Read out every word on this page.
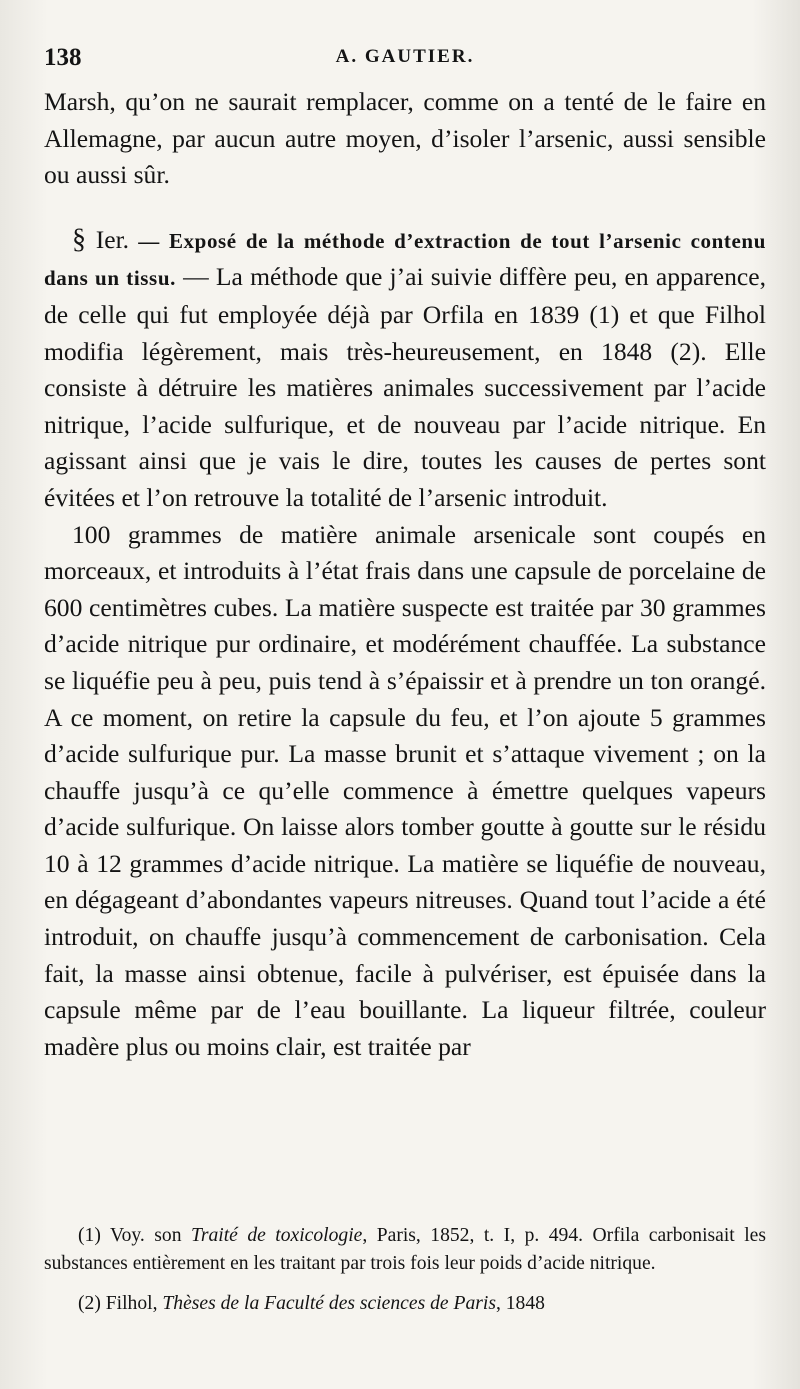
138	A. GAUTIER.

Marsh, qu’on ne saurait remplacer, comme on a tenté de le faire en Allemagne, par aucun autre moyen, d’isoler l’arsenic, aussi sensible ou aussi sûr.

§ Ier. — Exposé de la méthode d’extraction de tout l’arsenic contenu dans un tissu. — La méthode que j’ai suivie diffère peu, en apparence, de celle qui fut employée déjà par Orfila en 1839 (1) et que Filhol modifia légèrement, mais très-heureusement, en 1848 (2). Elle consiste à détruire les matières animales successivement par l’acide nitrique, l’acide sulfurique, et de nouveau par l’acide nitrique. En agissant ainsi que je vais le dire, toutes les causes de pertes sont évitées et l’on retrouve la totalité de l’arsenic introduit.

100 grammes de matière animale arsenicale sont coupés en morceaux, et introduits à l’état frais dans une capsule de porcelaine de 600 centimètres cubes. La matière suspecte est traitée par 30 grammes d’acide nitrique pur ordinaire, et modérément chauffée. La substance se liquéfie peu à peu, puis tend à s’épaissir et à prendre un ton orangé. A ce moment, on retire la capsule du feu, et l’on ajoute 5 grammes d’acide sulfurique pur. La masse brunit et s’attaque vivement ; on la chauffe jusqu’à ce qu’elle commence à émettre quelques vapeurs d’acide sulfurique. On laisse alors tomber goutte à goutte sur le résidu 10 à 12 grammes d’acide nitrique. La matière se liquéfie de nouveau, en dégageant d’abondantes vapeurs nitreuses. Quand tout l’acide a été introduit, on chauffe jusqu’à commencement de carbonisation. Cela fait, la masse ainsi obtenue, facile à pulvériser, est épuisée dans la capsule même par de l’eau bouillante. La liqueur filtrée, couleur madère plus ou moins clair, est traitée par

(1) Voy. son Traité de toxicologie, Paris, 1852, t. I, p. 494. Orfila carbonisait les substances entièrement en les traitant par trois fois leur poids d’acide nitrique.

(2) Filhol, Thèses de la Faculté des sciences de Paris, 1848
